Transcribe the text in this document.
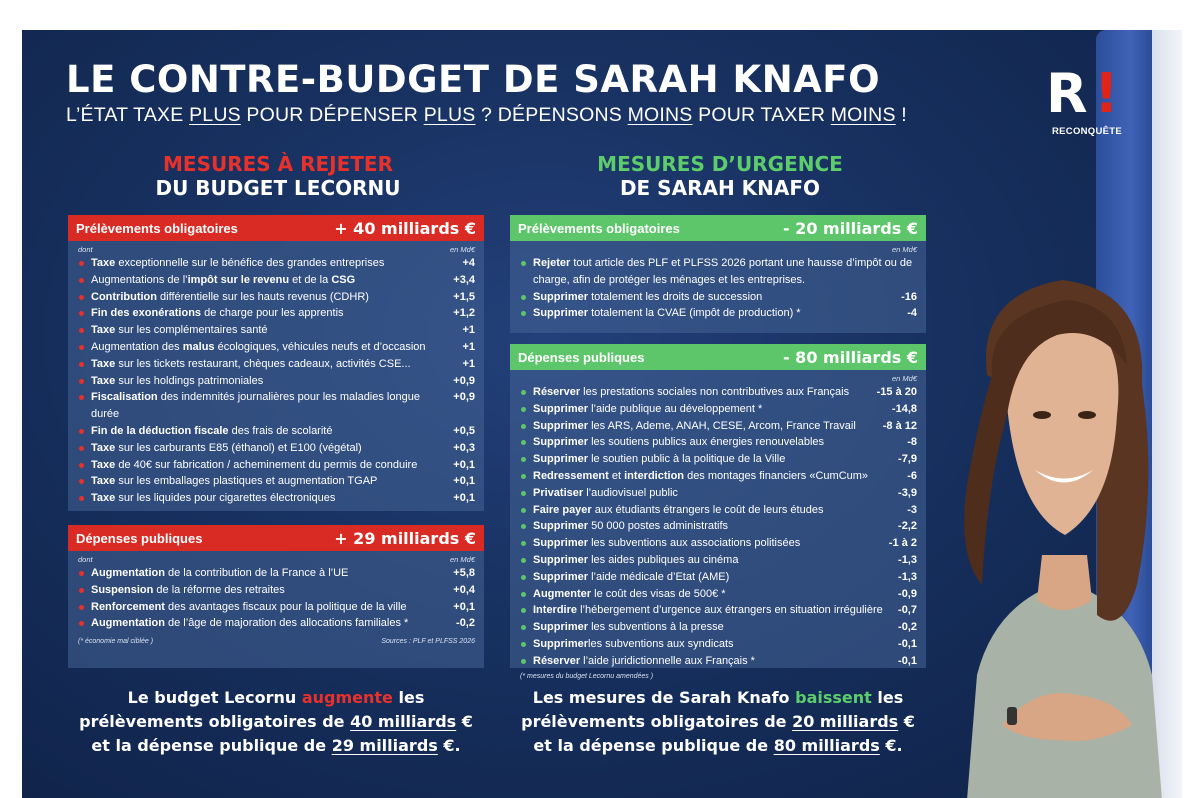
LE CONTRE-BUDGET DE SARAH KNAFO
L’ÉTAT TAXE PLUS POUR DÉPENSER PLUS ? DÉPENSONS MOINS POUR TAXER MOINS !	R !
RECONQUÊTE
MESURES À REJETER
DU BUDGET LECORNU
MESURES D’URGENCE
DE SARAH KNAFO
Prélèvements obligatoires	+ 40 milliards €
dont	en Md€
Taxe exceptionnelle sur le bénéfice des grandes entreprises	+4
Augmentations de l’impôt sur le revenu et de la CSG	+3,4
Contribution différentielle sur les hauts revenus (CDHR)	+1,5
Fin des exonérations de charge pour les apprentis	+1,2
Taxe sur les complémentaires santé	+1
Augmentation des malus écologiques, véhicules neufs et d’occasion	+1
Taxe sur les tickets restaurant, chèques cadeaux, activités CSE...	+1
Taxe sur les holdings patrimoniales	+0,9
Fiscalisation des indemnités journalières pour les maladies longue durée
+0,9
Fin de la déduction fiscale des frais de scolarité	+0,5
Taxe sur les carburants E85 (éthanol) et E100 (végétal)	+0,3
Taxe de 40€ sur fabrication / acheminement du permis de conduire	+0,1
Taxe sur les emballages plastiques et augmentation TGAP	+0,1
Taxe sur les liquides pour cigarettes électroniques	+0,1
Dépenses publiques	+ 29 milliards €
dont	en Md€
Augmentation de la contribution de la France à l’UE	+5,8
Suspension de la réforme des retraites	+0,4
Renforcement des avantages fiscaux pour la politique de la ville	+0,1
Augmentation de l’âge de majoration des allocations familiales *	-0,2
(* économie mal ciblée )	Sources : PLF et PLFSS 2026
Prélèvements obligatoires	- 20 milliards €
en Md€
Rejeter tout article des PLF et PLFSS 2026 portant une hausse d’impôt ou de charge, afin de protéger les ménages et les entreprises.
Supprimer totalement les droits de succession	-16
Supprimer totalement la CVAE (impôt de production) *	-4
Dépenses publiques	- 80 milliards €
en Md€
Réserver les prestations sociales non contributives aux Français	-15 à 20
Supprimer l’aide publique au développement *	-14,8
Supprimer les ARS, Ademe, ANAH, CESE, Arcom, France Travail -8 à 12
Supprimer les soutiens publics aux énergies renouvelables	-8
Supprimer le soutien public à la politique de la Ville	-7,9
Redressement et interdiction des montages financiers «CumCum»	-6
Privatiser l’audiovisuel public	-3,9
Faire payer aux étudiants étrangers le coût de leurs études	-3
Supprimer 50 000 postes administratifs	-2,2
Supprimer les subventions aux associations politisées	-1 à 2
Supprimer les aides publiques au cinéma	-1,3
Supprimer l’aide médicale d’Etat (AME)	-1,3
Augmenter le coût des visas de 500€ *	-0,9
Interdire l’hébergement d’urgence aux étrangers en situation irrégulière -0,7
Supprimer les subventions à la presse	-0,2
Supprimerles subventions aux syndicats	-0,1
Réserver l’aide juridictionnelle aux Français *	-0,1
(* mesures du budget Lecornu amendées )
Le budget Lecornu augmente les
prélèvements obligatoires de 40 milliards €
et la dépense publique de 29 milliards €.
Les mesures de Sarah Knafo baissent les
prélèvements obligatoires de 20 milliards €
et la dépense publique de 80 milliards €.
